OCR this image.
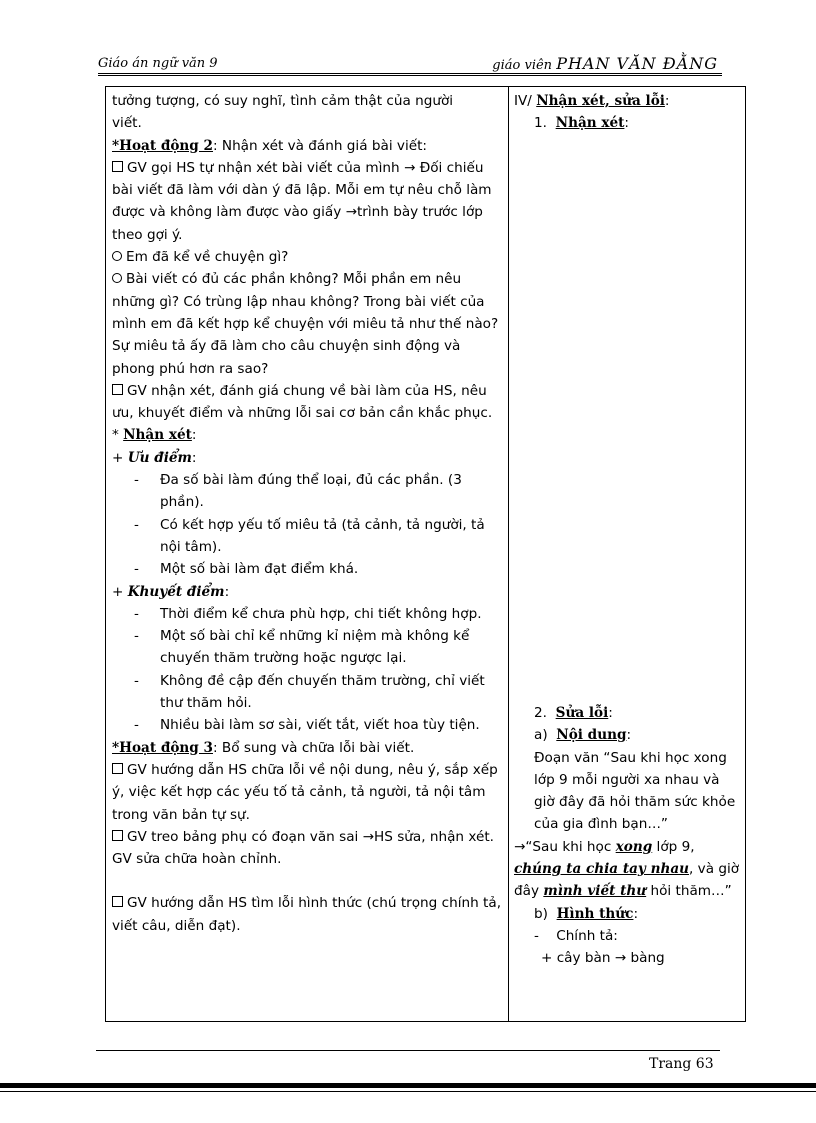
Giáo án ngữ văn 9	giáo viên PHAN VĂN ĐẰNG
tưởng tượng, có suy nghĩ, tình cảm thật của người
viết.
*Hoạt động 2: Nhận xét và đánh giá bài viết:
GV gọi HS tự nhận xét bài viết của mình → Đối chiếu bài viết đã làm với dàn ý đã lập. Mỗi em tự nêu chỗ làm được và không làm được vào giấy →trình bày trước lớp theo gợi ý.
Em đã kể về chuyện gì?
Bài viết có đủ các phần không? Mỗi phần em nêu những gì? Có trùng lập nhau không? Trong bài viết của mình em đã kết hợp kể chuyện với miêu tả như thế nào? Sự miêu tả ấy đã làm cho câu chuyện sinh động và phong phú hơn ra sao?
GV nhận xét, đánh giá chung về bài làm của HS, nêu ưu, khuyết điểm và những lỗi sai cơ bản cần khắc phục.
* Nhận xét:
+ Ưu điểm:
- Đa số bài làm đúng thể loại, đủ các phần. (3 phần).
- Có kết hợp yếu tố miêu tả (tả cảnh, tả người, tả nội tâm).
- Một số bài làm đạt điểm khá.
+ Khuyết điểm:
- Thời điểm kể chưa phù hợp, chi tiết không hợp.
- Một số bài chỉ kể những kỉ niệm mà không kể chuyến thăm trường hoặc ngược lại.
- Không đề cập đến chuyến thăm trường, chỉ viết thư thăm hỏi.
- Nhiều bài làm sơ sài, viết tắt, viết hoa tùy tiện.
*Hoạt động 3: Bổ sung và chữa lỗi bài viết.
GV hướng dẫn HS chữa lỗi về nội dung, nêu ý, sắp xếp ý, việc kết hợp các yếu tố tả cảnh, tả người, tả nội tâm trong văn bản tự sự.
GV treo bảng phụ có đoạn văn sai →HS sửa, nhận xét. GV sửa chữa hoàn chỉnh.
GV hướng dẫn HS tìm lỗi hình thức (chú trọng chính tả, viết câu, diễn đạt).

IV/ Nhận xét, sửa lỗi:
1. Nhận xét:
2. Sửa lỗi:
a) Nội dung:
Đoạn văn “Sau khi học xong lớp 9 mỗi người xa nhau và giờ đây đã hỏi thăm sức khỏe của gia đình bạn…”
→“Sau khi học xong lớp 9, chúng ta chia tay nhau, và giờ đây mình viết thư hỏi thăm…”
b) Hình thức:
- Chính tả:
+ cây bàn → bàng
Trang 63
